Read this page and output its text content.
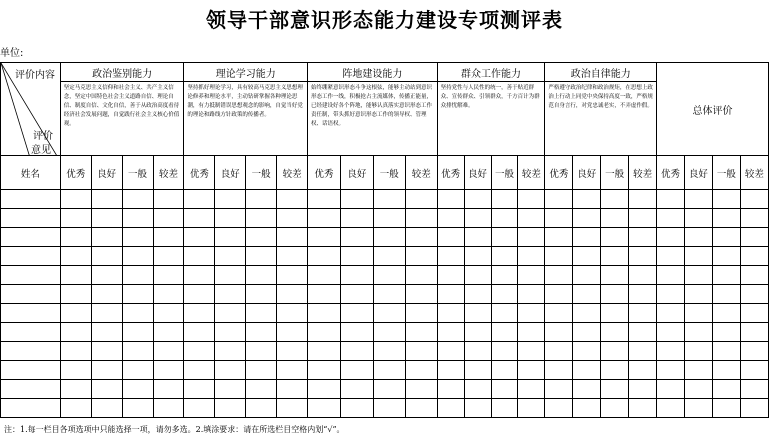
领导干部意识形态能力建设专项测评表
单位:
评价内容
评价
意见	政治鉴别能力				理论学习能力				阵地建设能力				群众工作能力				政治自律能力				总体评价			

	坚定马克思主义信仰和社会主义、共产主义信念，坚定中国特色社会主义道路自信、理论自信、制度自信、文化自信，善于从政治高度看待经济社会发展问题，自觉践行社会主义核心价值观。				坚持抓好理论学习，具有较高马克思主义思想理论修养和理论水平，主动钻研掌握各种理论思潮，有力抵制错误思想观念的影响，自觉当好党的理论和路线方针政策的传播者。				始终绷紧意识形态斗争这根弦，能够主动站到意识形态工作一线，积极抢占主流媒体，传播正能量，已经建设好各个阵地，能够认真落实意识形态工作责任制，带头抓好意识形态工作的领导权、管理权、话语权。				坚持党性与人民性的统一，善于贴近群众、宣传群众、引领群众，千方百计为群众排忧解难。				严格遵守政治纪律和政治规矩，在思想上政治上行动上同党中央保持高度一致，严格规范自身言行，对党忠诚老实，不弄虚作假。							

姓名	优秀	良好	一般	较差	优秀	良好	一般	较差	优秀	良好	一般	较差	优秀	良好	一般	较差	优秀	良好	一般	较差	优秀	良好	一般	较差

注：1.每一栏目各项选项中只能选择一项，请勿多选。2.填涂要求：请在所选栏目空格内划“√”。
